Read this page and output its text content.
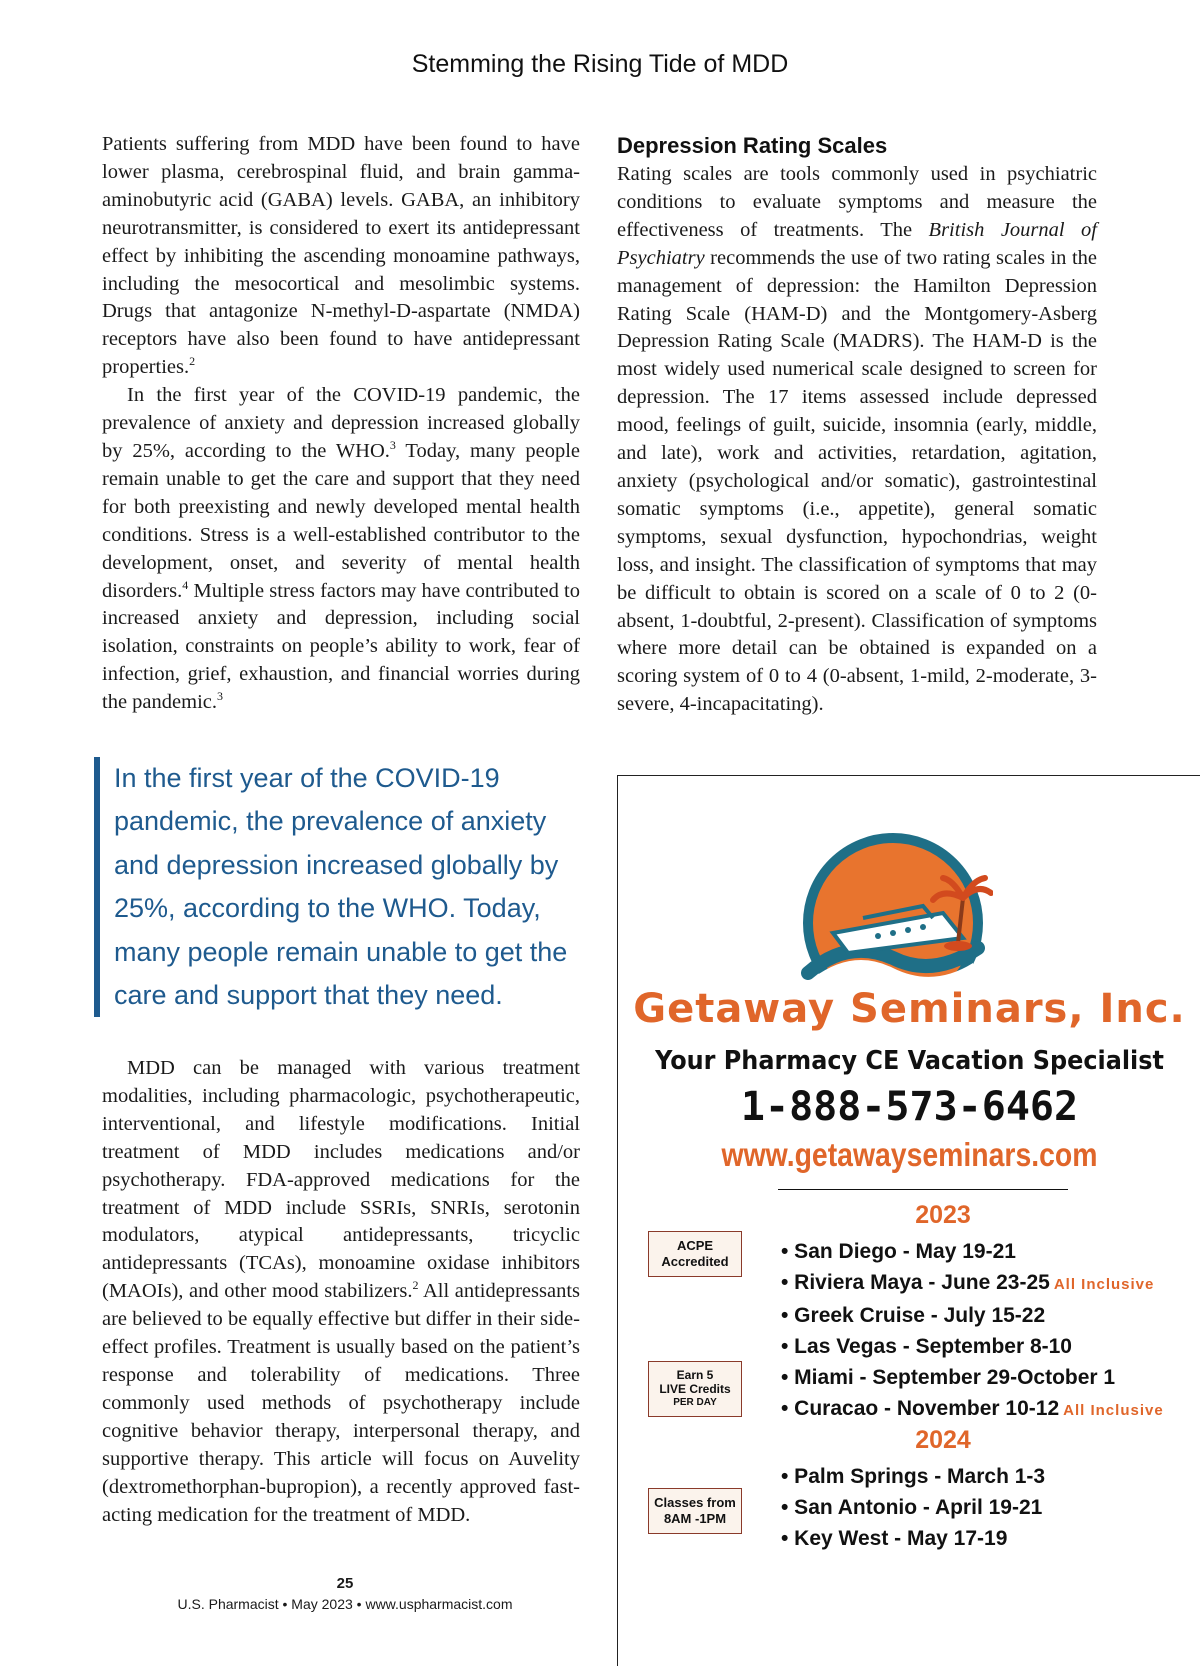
Stemming the Rising Tide of MDD

Patients suffering from MDD have been found to have lower plasma, cerebrospinal fluid, and brain gamma-aminobutyric acid (GABA) levels. GABA, an inhibitory neurotransmitter, is considered to exert its antidepressant effect by inhibiting the ascending monoamine pathways, including the mesocortical and mesolimbic systems. Drugs that antagonize N-methyl-D-aspartate (NMDA) receptors have also been found to have antidepressant properties.$^2$

In the first year of the COVID-19 pandemic, the prevalence of anxiety and depression increased globally by 25%, according to the WHO.$^3$ Today, many people remain unable to get the care and support that they need for both preexisting and newly developed mental health conditions. Stress is a well-established contributor to the development, onset, and severity of mental health disorders.$^4$ Multiple stress factors may have contributed to increased anxiety and depression, including social isolation, constraints on people’s ability to work, fear of infection, grief, exhaustion, and financial worries during the pandemic.$^3$

In the first year of the COVID-19 pandemic, the prevalence of anxiety and depression increased globally by 25%, according to the WHO. Today, many people remain unable to get the care and support that they need.

MDD can be managed with various treatment modalities, including pharmacologic, psychotherapeutic, interventional, and lifestyle modifications. Initial treatment of MDD includes medications and/or psychotherapy. FDA-approved medications for the treatment of MDD include SSRIs, SNRIs, serotonin modulators, atypical antidepressants, tricyclic antidepressants (TCAs), monoamine oxidase inhibitors (MAOIs), and other mood stabilizers.$^2$ All antidepressants are believed to be equally effective but differ in their side-effect profiles. Treatment is usually based on the patient’s response and tolerability of medications. Three commonly used methods of psychotherapy include cognitive behavior therapy, interpersonal therapy, and supportive therapy. This article will focus on Auvelity (dextromethorphan-bupropion), a recently approved fast-acting medication for the treatment of MDD.

Depression Rating Scales

Rating scales are tools commonly used in psychiatric conditions to evaluate symptoms and measure the effectiveness of treatments. The British Journal of Psychiatry recommends the use of two rating scales in the management of depression: the Hamilton Depression Rating Scale (HAM-D) and the Montgomery-Asberg Depression Rating Scale (MADRS). The HAM-D is the most widely used numerical scale designed to screen for depression. The 17 items assessed include depressed mood, feelings of guilt, suicide, insomnia (early, middle, and late), work and activities, retardation, agitation, anxiety (psychological and/or somatic), gastrointestinal somatic symptoms (i.e., appetite), general somatic symptoms, sexual dysfunction, hypochondrias, weight loss, and insight. The classification of symptoms that may be difficult to obtain is scored on a scale of 0 to 2 (0-absent, 1-doubtful, 2-present). Classification of symptoms where more detail can be obtained is expanded on a scoring system of 0 to 4 (0-absent, 1-mild, 2-moderate, 3-severe, 4-incapacitating).

Getaway Seminars, Inc.
Your Pharmacy CE Vacation Specialist
1-888-573-6462
www.getawayseminars.com
2023
• San Diego - May 19-21
• Riviera Maya - June 23-25 All Inclusive
• Greek Cruise - July 15-22
• Las Vegas - September 8-10
• Miami - September 29-October 1
• Curacao - November 10-12 All Inclusive
2024
• Palm Springs - March 1-3
• San Antonio - April 19-21
• Key West - May 17-19
ACPE
Accredited
Earn 5
LIVE Credits
PER DAY
Classes from
8AM -1PM
25
U.S. Pharmacist • May 2023 • www.uspharmacist.com
